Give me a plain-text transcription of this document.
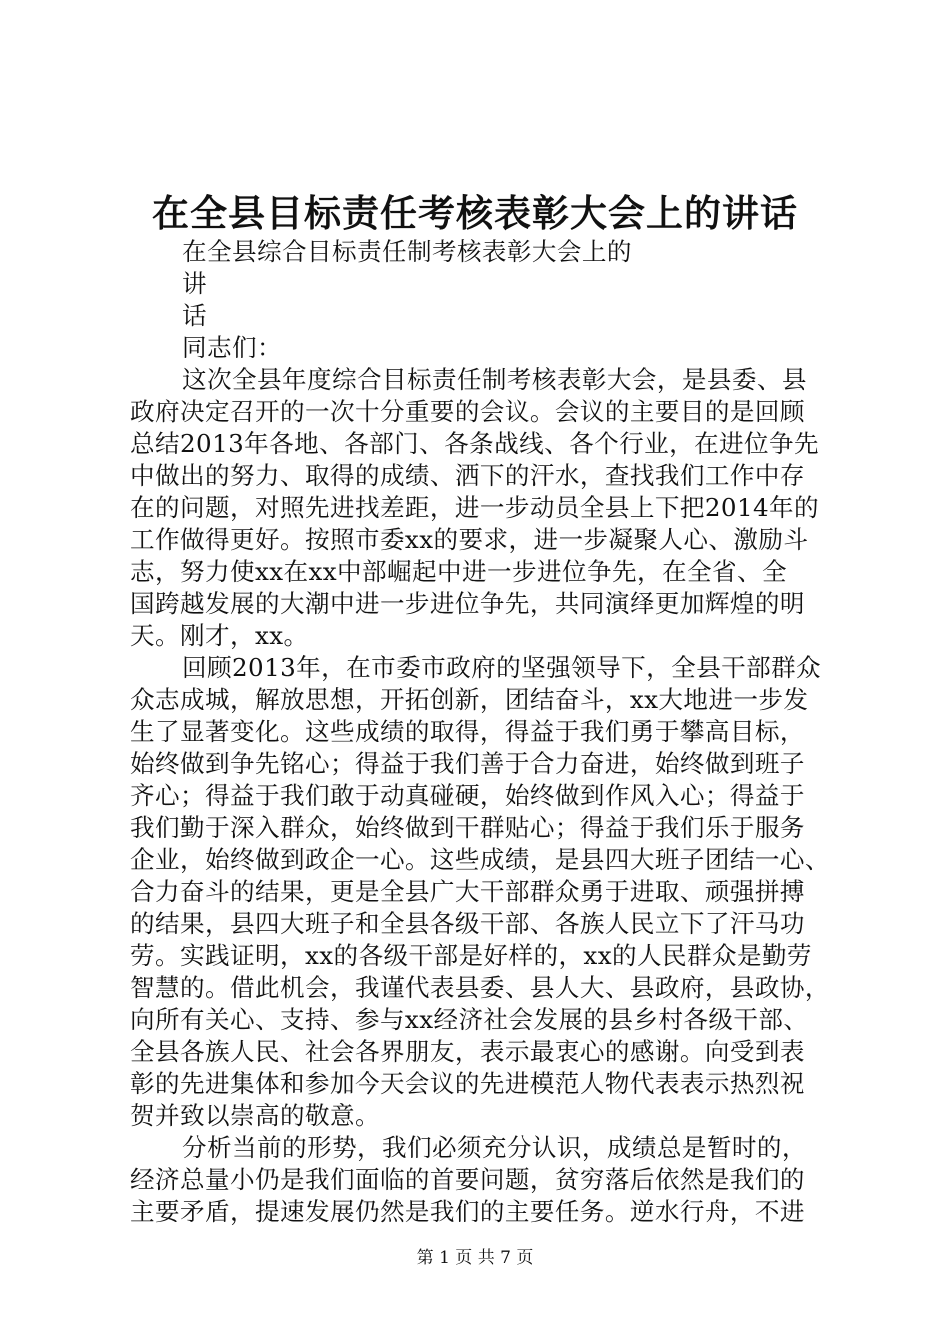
在全县目标责任考核表彰大会上的讲话
在全县综合目标责任制考核表彰大会上的
讲
话
同志们：
这次全县年度综合目标责任制考核表彰大会，是县委、县
政府决定召开的一次十分重要的会议。会议的主要目的是回顾
总结2013年各地、各部门、各条战线、各个行业，在进位争先
中做出的努力、取得的成绩、洒下的汗水，查找我们工作中存
在的问题，对照先进找差距，进一步动员全县上下把2014年的
工作做得更好。按照市委xx的要求，进一步凝聚人心、激励斗
志，努力使xx在xx中部崛起中进一步进位争先，在全省、全
国跨越发展的大潮中进一步进位争先，共同演绎更加辉煌的明
天。刚才，xx。
回顾2013年，在市委市政府的坚强领导下，全县干部群众
众志成城，解放思想，开拓创新，团结奋斗，xx大地进一步发
生了显著变化。这些成绩的取得，得益于我们勇于攀高目标，
始终做到争先铭心；得益于我们善于合力奋进，始终做到班子
齐心；得益于我们敢于动真碰硬，始终做到作风入心；得益于
我们勤于深入群众，始终做到干群贴心；得益于我们乐于服务
企业，始终做到政企一心。这些成绩，是县四大班子团结一心、
合力奋斗的结果，更是全县广大干部群众勇于进取、顽强拼搏
的结果，县四大班子和全县各级干部、各族人民立下了汗马功
劳。实践证明，xx的各级干部是好样的，xx的人民群众是勤劳
智慧的。借此机会，我谨代表县委、县人大、县政府，县政协，
向所有关心、支持、参与xx经济社会发展的县乡村各级干部、
全县各族人民、社会各界朋友，表示最衷心的感谢。向受到表
彰的先进集体和参加今天会议的先进模范人物代表表示热烈祝
贺并致以崇高的敬意。
分析当前的形势，我们必须充分认识，成绩总是暂时的，
经济总量小仍是我们面临的首要问题，贫穷落后依然是我们的
主要矛盾，提速发展仍然是我们的主要任务。逆水行舟，不进
第 1 页 共 7 页
